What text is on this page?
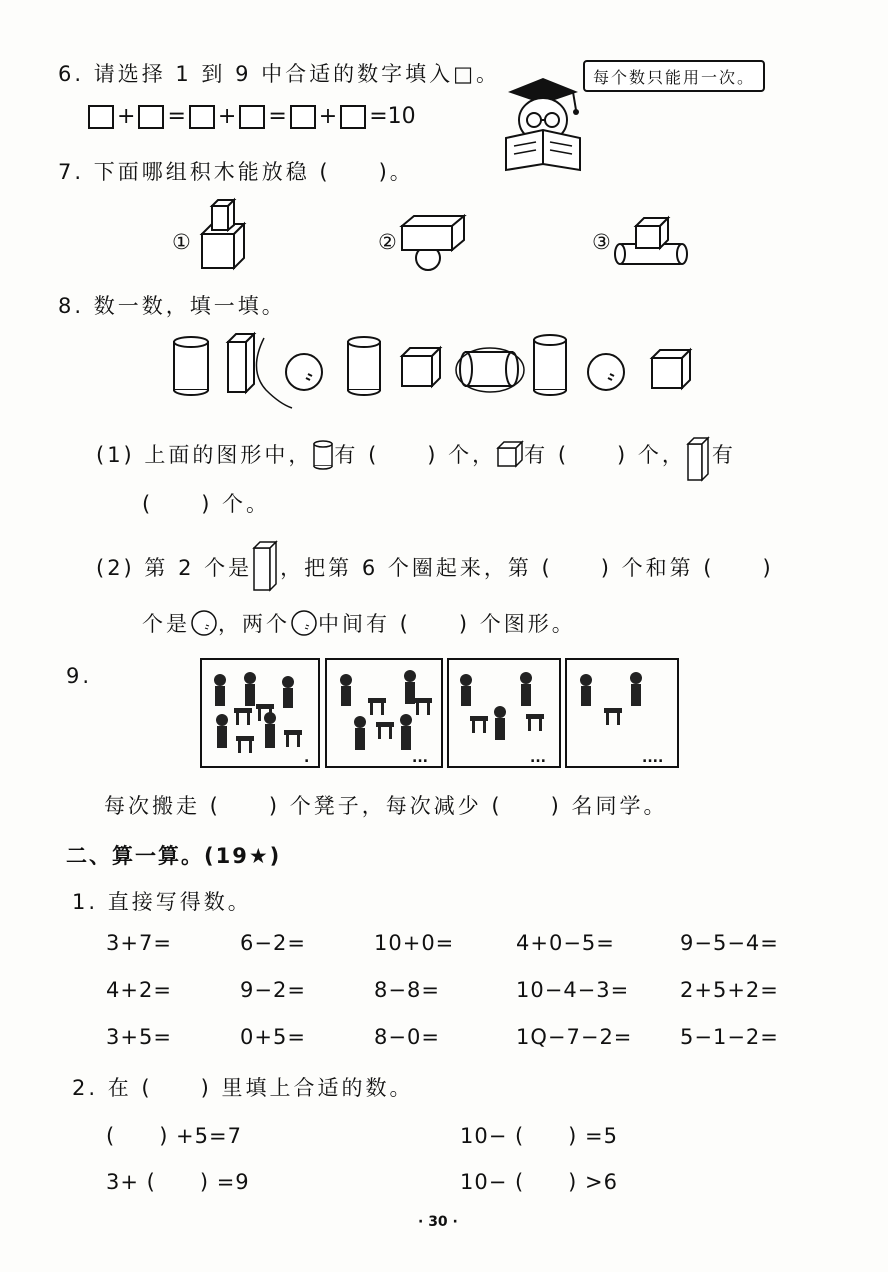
6. 请选择 1 到 9 中合适的数字填入□。
+ = + = + =10
每个数只能用一次。
7. 下面哪组积木能放稳 (　　)。
①	②	③
8. 数一数，填一填。
(1) 上面的图形中， 有 (　　) 个， 有 (　　) 个， 有
(　　) 个。
(2) 第 2 个是 ，把第 6 个圈起来，第 (　　) 个和第 (　　)
个是 ，两个 中间有 (　　) 个图形。
9.
.	...	...	....
每次搬走 (　　) 个凳子，每次减少 (　　) 名同学。
二、算一算。(19★)
1. 直接写得数。
3+7=	6−2=	10+0=	4+0−5=	9−5−4=
4+2=	9−2=	8−8=	10−4−3= 2+5+2=
3+5=	0+5=	8−0=	1Q−7−2= 5−1−2=
2. 在 (　　) 里填上合适的数。
(　　) +5=7	10− (　　) =5
3+ (　　) =9	10− (　　) >6
· 30 ·
